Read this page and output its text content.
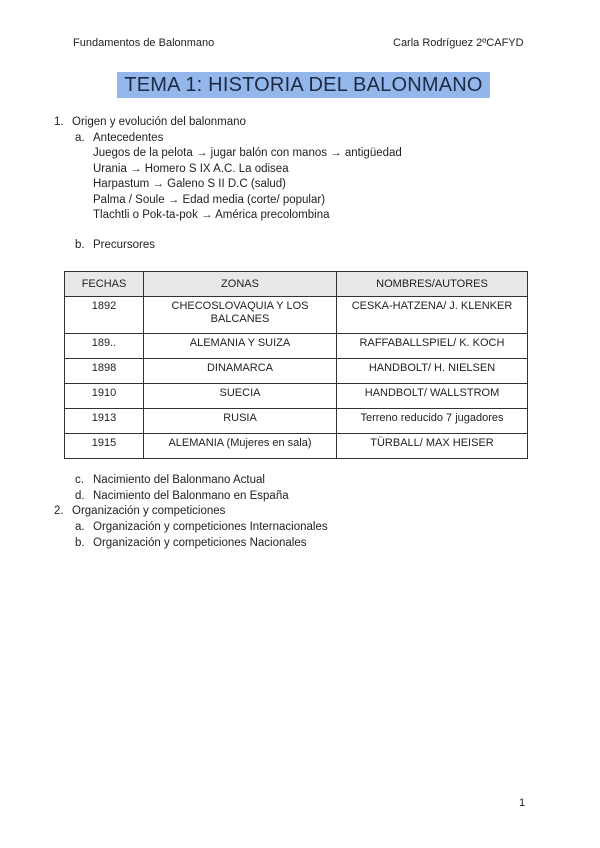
Fundamentos de Balonmano	Carla Rodríguez 2ºCAFYD
TEMA 1: HISTORIA DEL BALONMANO
1. Origen y evolución del balonmano
a. Antecedentes
Juegos de la pelota → jugar balón con manos → antigüedad
Urania → Homero S IX A.C. La odisea
Harpastum → Galeno S II D.C (salud)
Palma / Soule → Edad media (corte/ popular)
Tlachtli o Pok-ta-pok → América precolombina
b. Precursores
FECHAS	ZONAS	NOMBRES/AUTORES
1892	CHECOSLOVAQUIA Y LOS BALCANES	CESKA-HATZENA/ J. KLENKER
189..	ALEMANIA Y SUIZA	RAFFABALLSPIEL/ K. KOCH
1898	DINAMARCA	HANDBOLT/ H. NIELSEN
1910	SUECIA	HANDBOLT/ WALLSTROM
1913	RUSIA	Terreno reducido 7 jugadores
1915	ALEMANIA (Mujeres en sala)	TÜRBALL/ MAX HEISER
c. Nacimiento del Balonmano Actual
d. Nacimiento del Balonmano en España
2. Organización y competiciones
a. Organización y competiciones Internacionales
b. Organización y competiciones Nacionales
1
